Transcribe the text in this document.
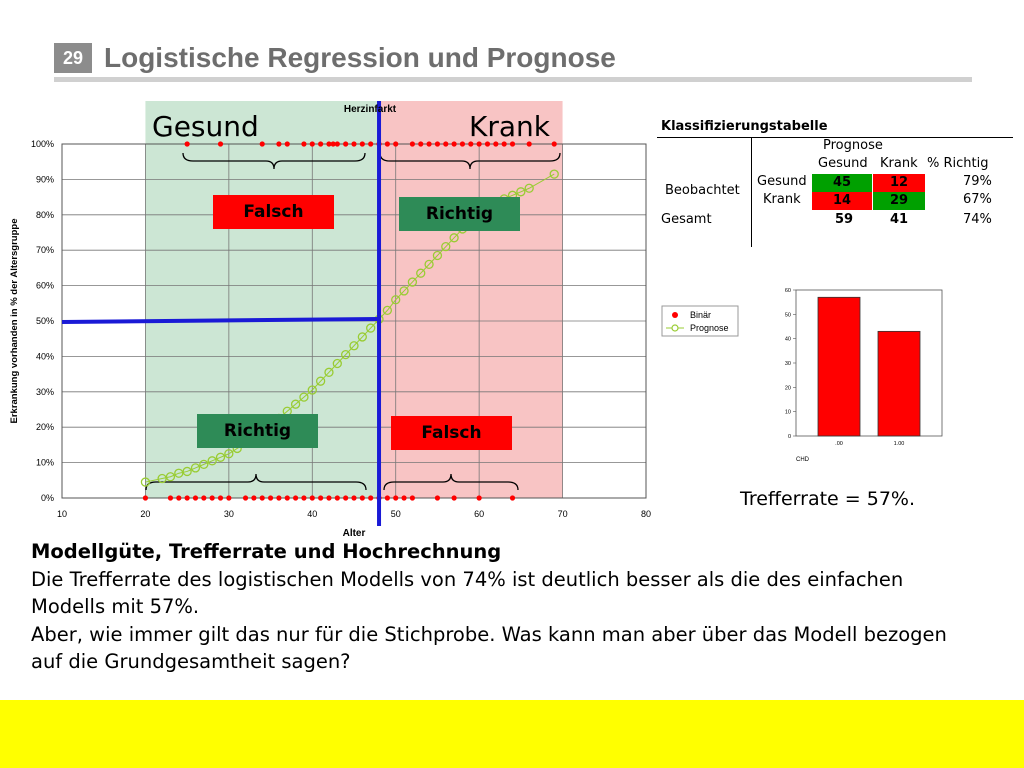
29 Logistische Regression und Prognose
0%
10%
20%
30%
40%
50%
60%
70%
80%
90%
100%
10	20	30	40	50	60	70	80
Herzinfarkt
Gesund	Krank
Alter
Erkrankung vorhanden in % der Altersgruppe	Binär
Prognose
Falsch	Richtig
Richtig	Falsch
Klassifizierungstabelle
Prognose
Gesund Krank % Richtig
Beobachtet
Gesund
Krank
45	12	79%
14	29	67%
Gesamt	59	41	74%
0
10
20
30
40
50
60
.00	1.00
CHD
Trefferrate = 57%.

Modellgüte, Trefferrate und Hochrechnung

Die Trefferrate des logistischen Modells von 74% ist deutlich besser als die des einfachen Modells mit 57%.

Aber, wie immer gilt das nur für die Stichprobe. Was kann man aber über das Modell bezogen auf die Grundgesamtheit sagen?
